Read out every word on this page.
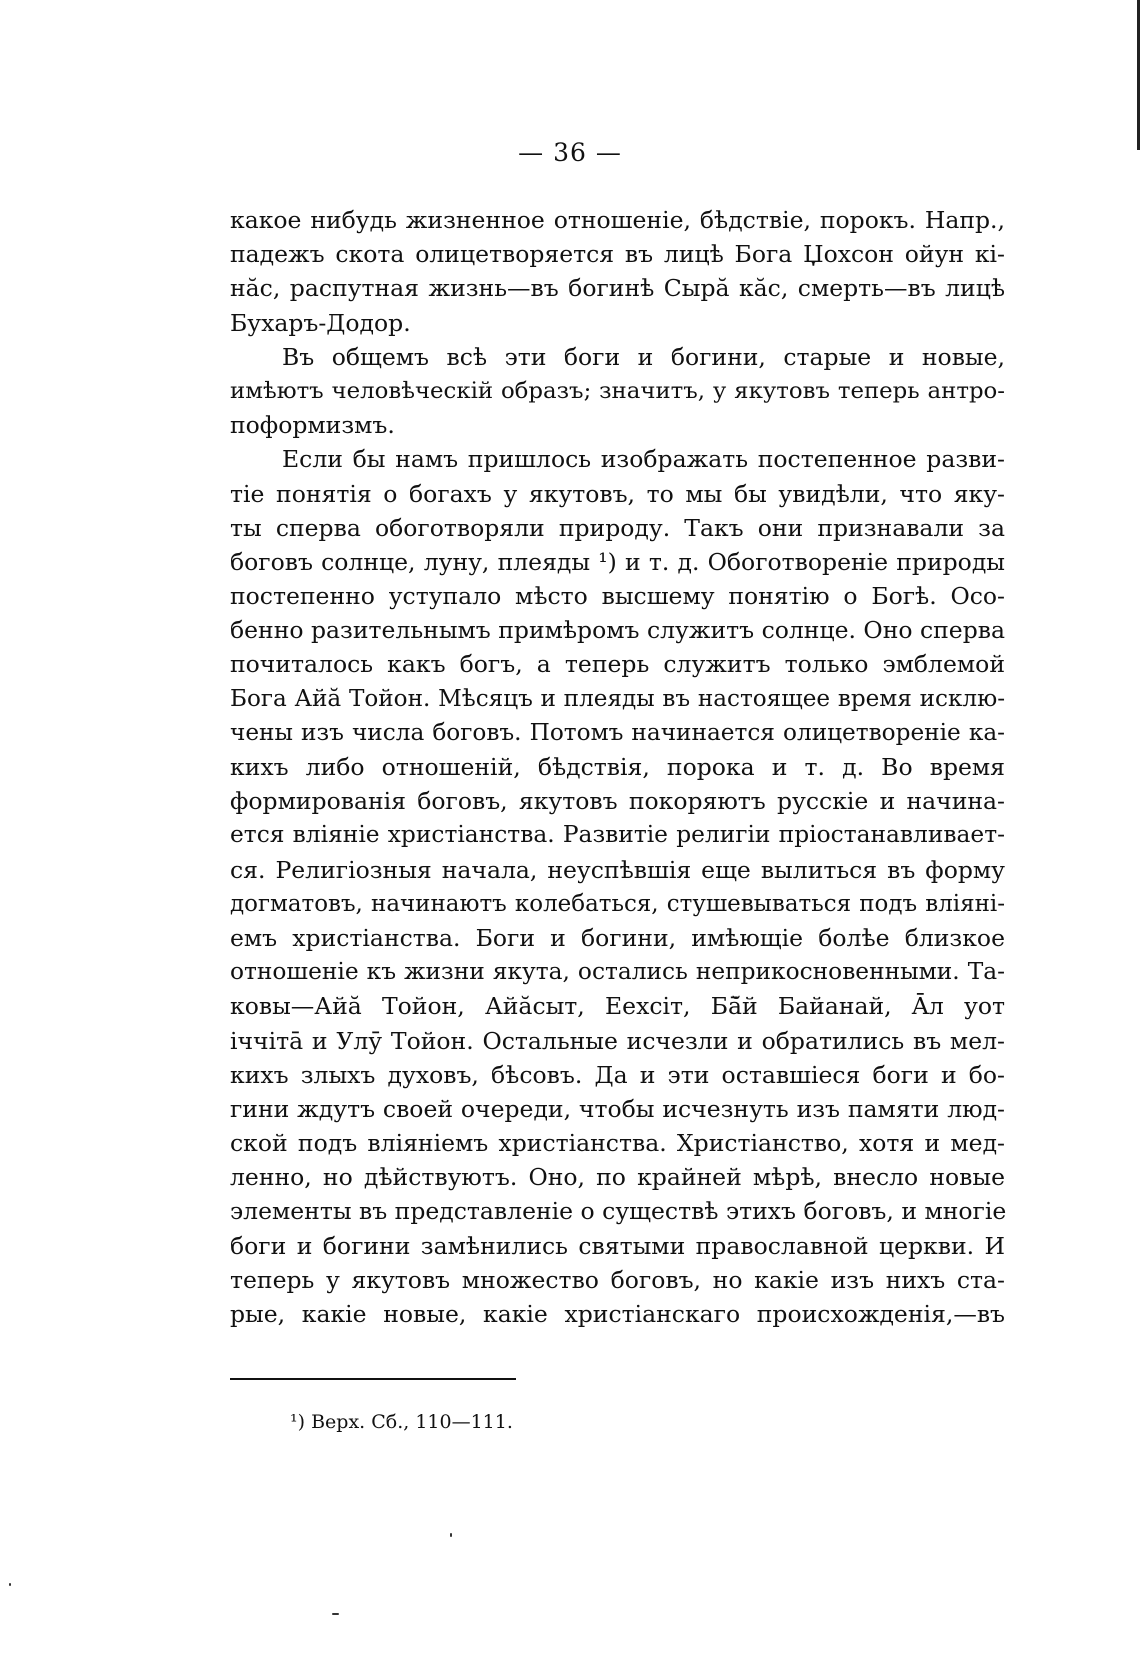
— 36 —
какое нибудь жизненное отношеніе, бѣдствіе, порокъ. Напр.,
падежъ скота олицетворяется въ лицѣ Бога Џохсон ойун кі-
нӑс, распутная жизнь—въ богинѣ Сырӑ кӑс, смерть—въ лицѣ
Бухаръ-Додор.
Въ общемъ всѣ эти боги и богини, старые и новые,
имѣютъ человѣческій образъ; значитъ, у якутовъ теперь антро-
поформизмъ.
Если бы намъ пришлось изображать постепенное разви-
тіе понятія о богахъ у якутовъ, то мы бы увидѣли, что яку-
ты сперва обоготворяли природу. Такъ они признавали за
боговъ солнце, луну, плеяды ¹) и т. д. Обоготвореніе природы
постепенно уступало мѣсто высшему понятію о Богѣ. Осо-
бенно разительнымъ примѣромъ служитъ солнце. Оно сперва
почиталось какъ богъ, а теперь служитъ только эмблемой
Бога Айӑ Тойон. Мѣсяцъ и плеяды въ настоящее время исклю-
чены изъ числа боговъ. Потомъ начинается олицетвореніе ка-
кихъ либо отношеній, бѣдствія, порока и т. д. Во время
формированія боговъ, якутовъ покоряютъ русскіе и начина-
ется вліяніе христіанства. Развитіе религіи пріостанавливает-
ся. Религіозныя начала, неуспѣвшія еще вылиться въ форму
догматовъ, начинаютъ колебаться, стушевываться подъ вліяні-
емъ христіанства. Боги и богини, имѣющіе болѣе близкое
отношеніе къ жизни якута, остались неприкосновенными. Та-
ковы—Айӑ Тойон, Айӑсыт, Еехсіт, Бā̆й Байанай, Āл уот
іччітā и Улӯ Тойон. Остальные исчезли и обратились въ мел-
кихъ злыхъ духовъ, бѣсовъ. Да и эти оставшіеся боги и бо-
гини ждутъ своей очереди, чтобы исчезнуть изъ памяти люд-
ской подъ вліяніемъ христіанства. Христіанство, хотя и мед-
ленно, но дѣйствуютъ. Оно, по крайней мѣрѣ, внесло новые
элементы въ представленіе о существѣ этихъ боговъ, и многіе
боги и богини замѣнились святыми православной церкви. И
теперь у якутовъ множество боговъ, но какіе изъ нихъ ста-
рые, какіе новые, какіе христіанскаго происхожденія,—въ
¹) Верх. Сб., 110—111.
